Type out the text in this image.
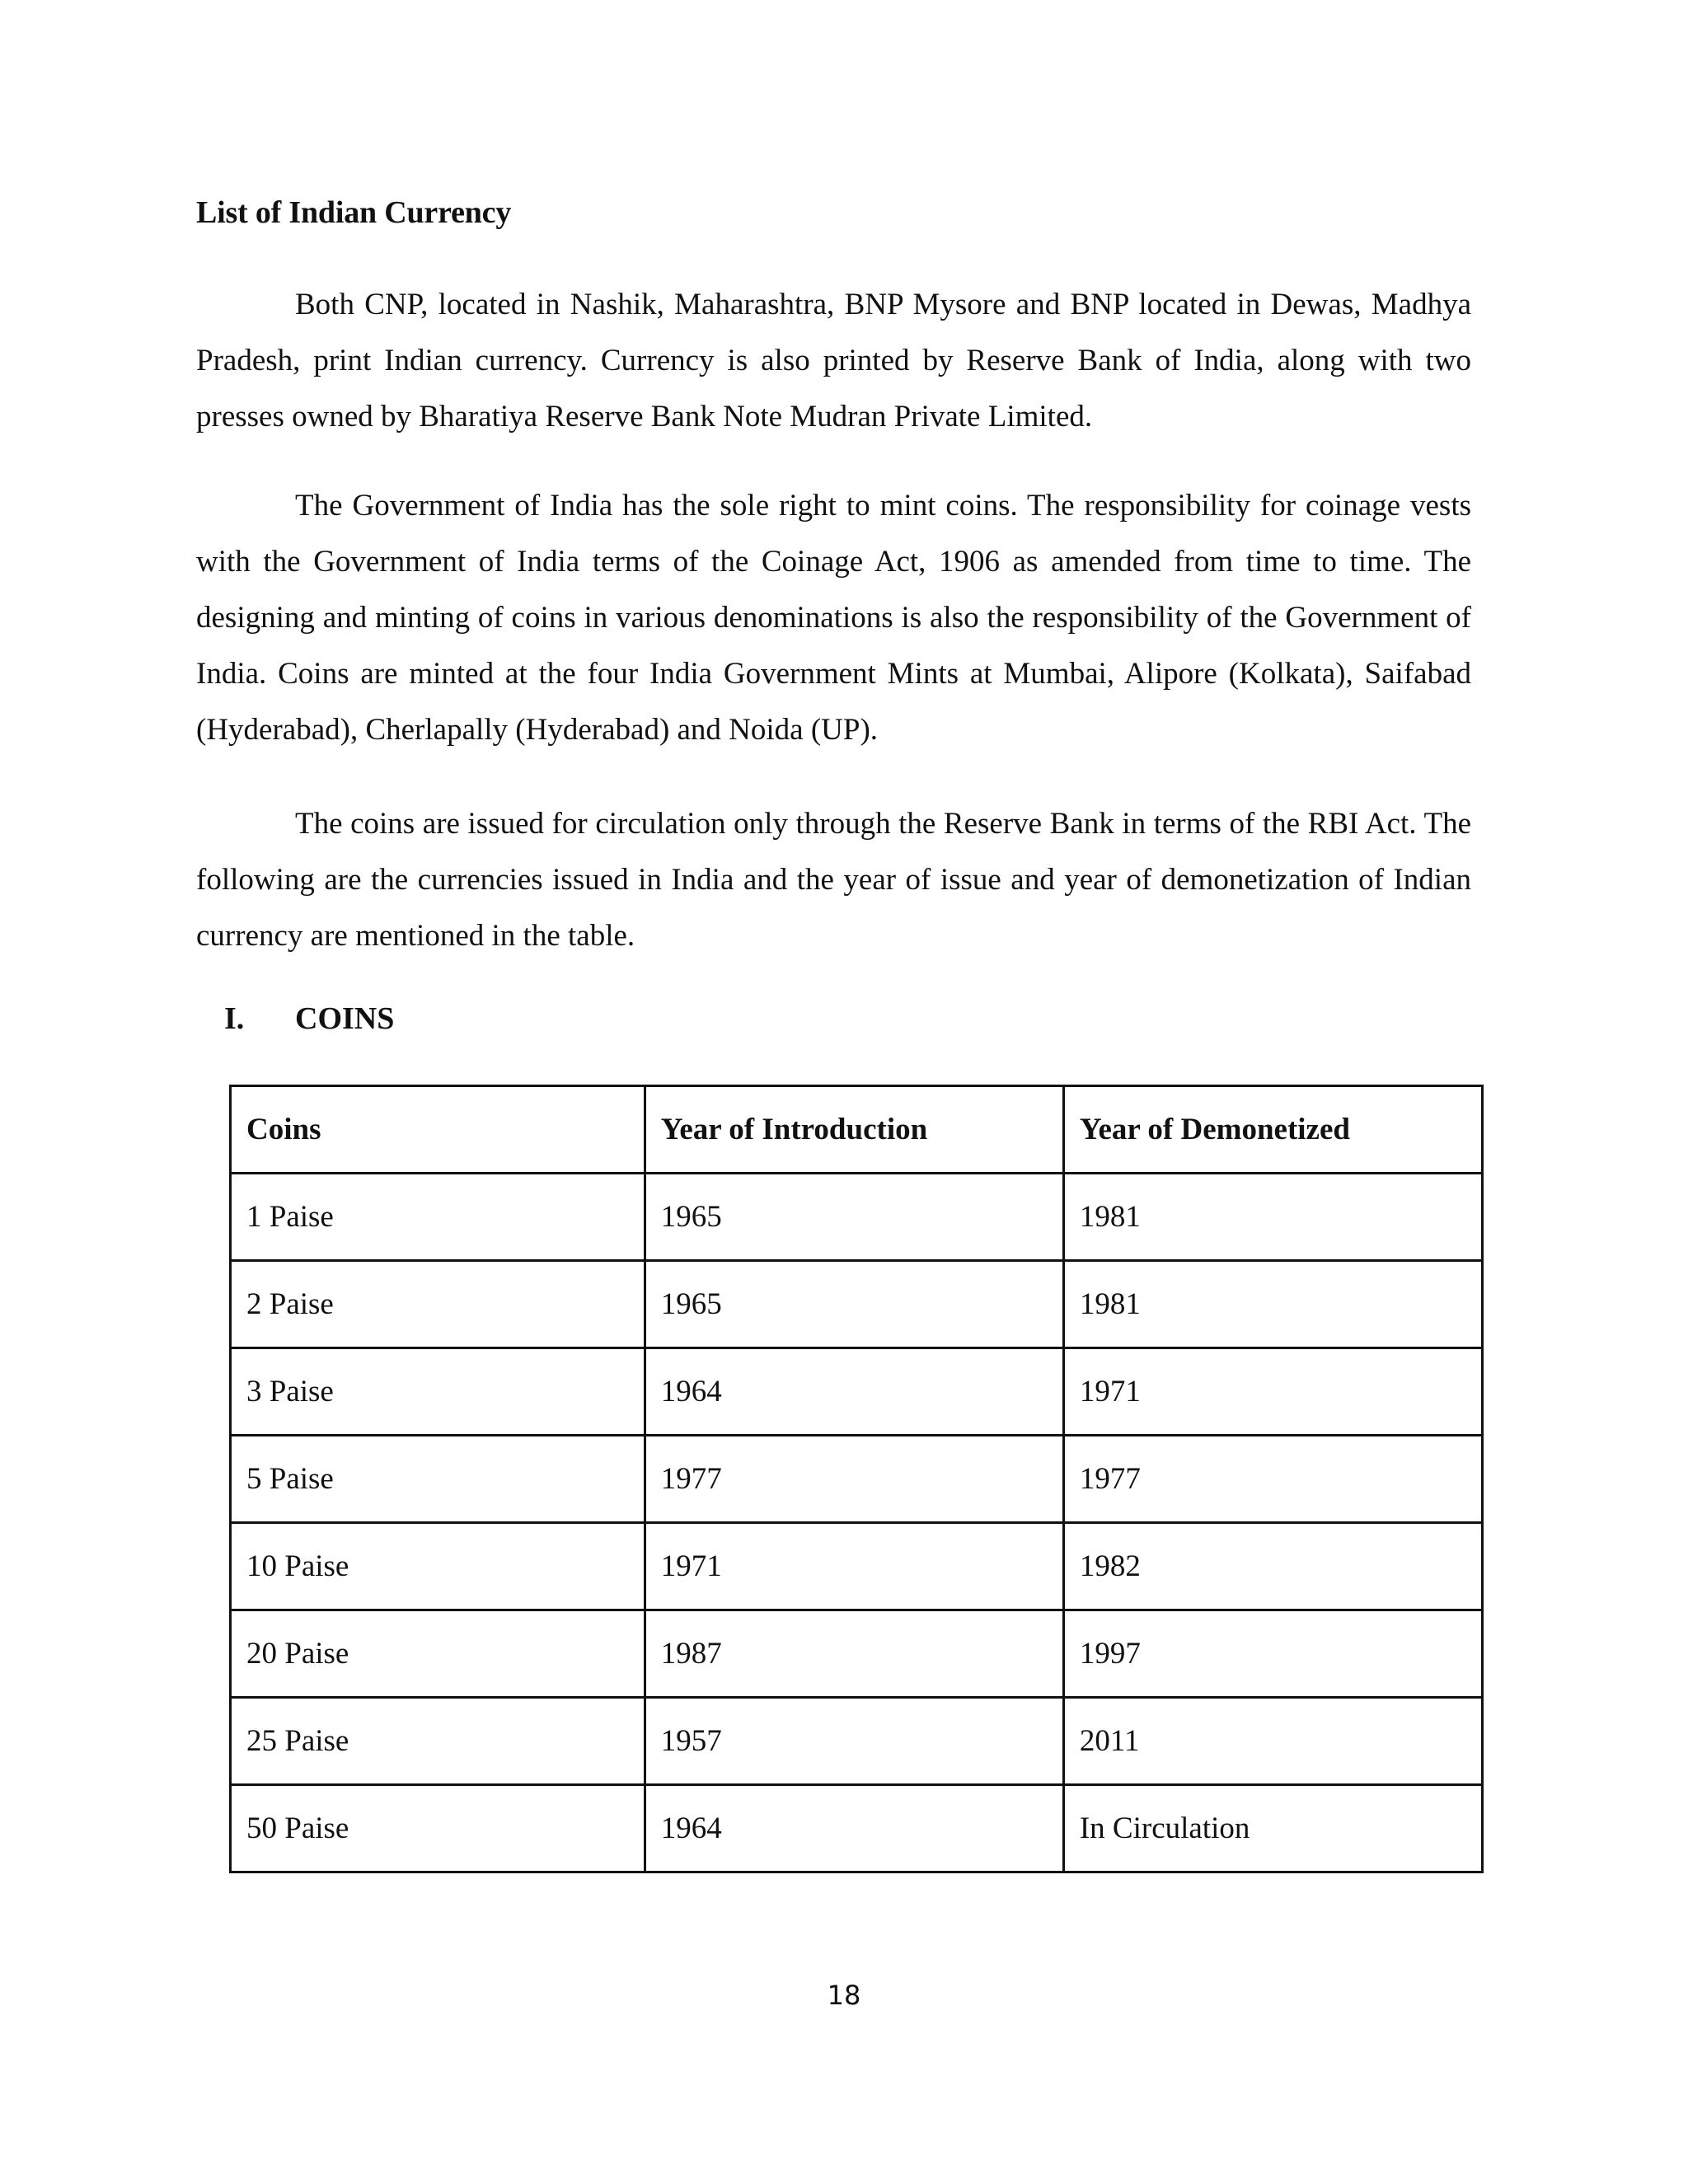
List of Indian Currency

Both CNP, located in Nashik, Maharashtra, BNP Mysore and BNP located in Dewas, Madhya Pradesh, print Indian currency. Currency is also printed by Reserve Bank of India, along with two presses owned by Bharatiya Reserve Bank Note Mudran Private Limited.

The Government of India has the sole right to mint coins. The responsibility for coinage vests with the Government of India terms of the Coinage Act, 1906 as amended from time to time. The designing and minting of coins in various denominations is also the responsibility of the Government of India. Coins are minted at the four India Government Mints at Mumbai, Alipore (Kolkata), Saifabad (Hyderabad), Cherlapally (Hyderabad) and Noida (UP).

The coins are issued for circulation only through the Reserve Bank in terms of the RBI Act. The following are the currencies issued in India and the year of issue and year of demonetization of Indian currency are mentioned in the table.

I. COINS
Coins	Year of Introduction	Year of Demonetized
1 Paise	1965	1981
2 Paise	1965	1981
3 Paise	1964	1971
5 Paise	1977	1977
10 Paise	1971	1982
20 Paise	1987	1997
25 Paise	1957	2011
50 Paise	1964	In Circulation

18
